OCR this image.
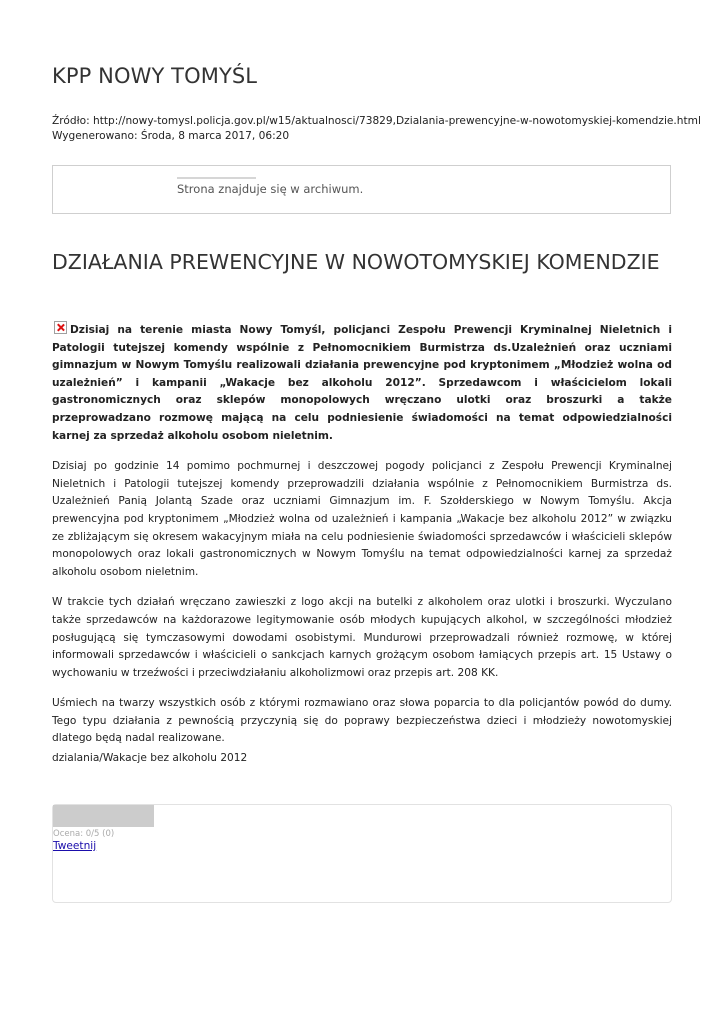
KPP NOWY TOMYŚL
Źródło: http://nowy-tomysl.policja.gov.pl/w15/aktualnosci/73829,Dzialania-prewencyjne-w-nowotomyskiej-komendzie.html
Wygenerowano: Środa, 8 marca 2017, 06:20
Strona znajduje się w archiwum.
DZIAŁANIA PREWENCYJNE W NOWOTOMYSKIEJ KOMENDZIE

Dzisiaj na terenie miasta Nowy Tomyśl, policjanci Zespołu Prewencji Kryminalnej Nieletnich i Patologii tutejszej komendy wspólnie z Pełnomocnikiem Burmistrza ds.Uzależnień oraz uczniami gimnazjum w Nowym Tomyślu realizowali działania prewencyjne pod kryptonimem „Młodzież wolna od uzależnień” i kampanii „Wakacje bez alkoholu 2012”. Sprzedawcom i właścicielom lokali gastronomicznych oraz sklepów monopolowych wręczano ulotki oraz broszurki a także przeprowadzano rozmowę mającą na celu podniesienie świadomości na temat odpowiedzialności karnej za sprzedaż alkoholu osobom nieletnim.

Dzisiaj po godzinie 14 pomimo pochmurnej i deszczowej pogody policjanci z Zespołu Prewencji Kryminalnej Nieletnich i Patologii tutejszej komendy przeprowadzili działania wspólnie z Pełnomocnikiem Burmistrza ds. Uzależnień Panią Jolantą Szade oraz uczniami Gimnazjum im. F. Szołderskiego w Nowym Tomyślu. Akcja prewencyjna pod kryptonimem „Młodzież wolna od uzależnień i kampania „Wakacje bez alkoholu 2012” w związku ze zbliżającym się okresem wakacyjnym miała na celu podniesienie świadomości sprzedawców i właścicieli sklepów monopolowych oraz lokali gastronomicznych w Nowym Tomyślu na temat odpowiedzialności karnej za sprzedaż alkoholu osobom nieletnim.

W trakcie tych działań wręczano zawieszki z logo akcji na butelki z alkoholem oraz ulotki i broszurki. Wyczulano także sprzedawców na każdorazowe legitymowanie osób młodych kupujących alkohol, w szczególności młodzież posługującą się tymczasowymi dowodami osobistymi. Mundurowi przeprowadzali również rozmowę, w której informowali sprzedawców i właścicieli o sankcjach karnych grożącym osobom łamiących przepis art. 15 Ustawy o wychowaniu w trzeźwości i przeciwdziałaniu alkoholizmowi oraz przepis art. 208 KK.

Uśmiech na twarzy wszystkich osób z którymi rozmawiano oraz słowa poparcia to dla policjantów powód do dumy. Tego typu działania z pewnością przyczynią się do poprawy bezpieczeństwa dzieci i młodzieży nowotomyskiej dlatego będą nadal realizowane.

dzialania/Wakacje bez alkoholu 2012
Ocena: 0/5 (0)
Tweetnij
